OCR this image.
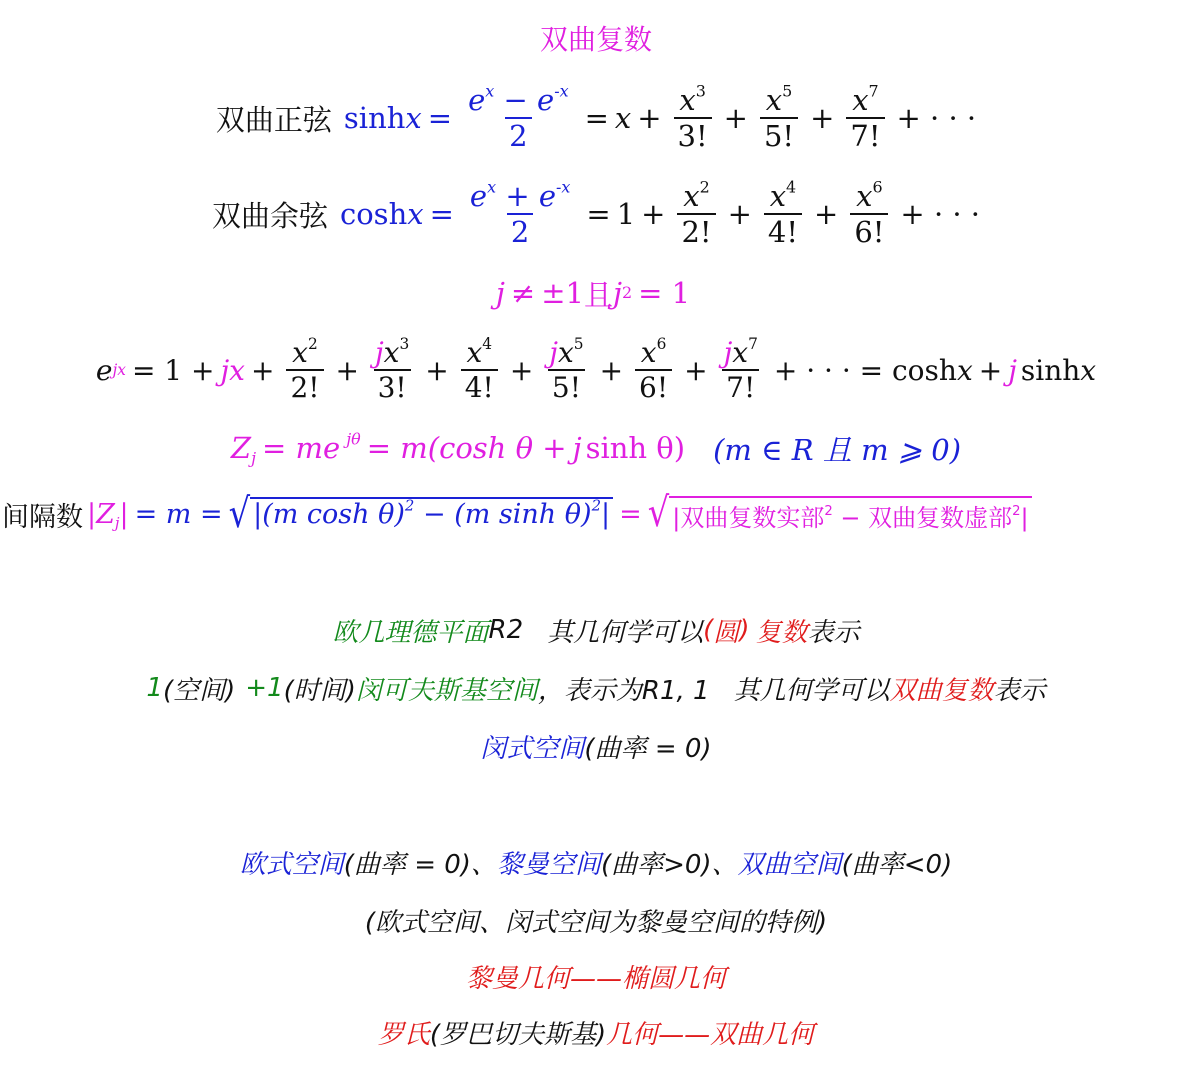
双曲复数
双曲正弦 $\sinh x = \frac{e^x - e^{-x}}{2} = x + \frac{x^3}{3!} + \frac{x^5}{5!} + \frac{x^7}{7!}$ + · · ·
双曲余弦 $\cosh x = \frac{e^x + e^{-x}}{2} = 1 + \frac{x^2}{2!} + \frac{x^4}{4!} + \frac{x^6}{6!}$ + · · ·
j ≠ ±1 且 j 2 = 1
e jx = 1 + jx + $\frac{x^2}{2!} + \frac{jx^3}{3!} + \frac{x^4}{4!} + \frac{jx^5}{5!} + \frac{x^6}{6!} + \frac{jx^7}{7!}$ + · · · = cosh x + j sinh x
$Z_j$ = me $^{j\theta}$ = m(cosh θ + j sinh θ) (m ∈ R 且 m ⩾ 0)
间隔数 $|Z_j| = m$ = √ |(m cosh θ)$^2$ − (m sinh θ)$^2$| = √ |双曲复数实部$^2$ − 双曲复数虚部$^2$|
欧几理德平面 R2 其几何学可以 ( 圆 ) 复数 表示
1 (空间) +1 (时间) 闵可夫斯基空间 ，表示为R1, 1 其几何学可以 双曲复数 表示
闵式空间 (曲率 = 0)
欧式空间 (曲率 = 0)、 黎曼空间 (曲率>0)、 双曲空间 (曲率<0)
(欧式空间、闵式空间为黎曼空间的特例)
黎曼几何——椭圆几何
罗氏 (罗巴切夫斯基) 几何——双曲几何
